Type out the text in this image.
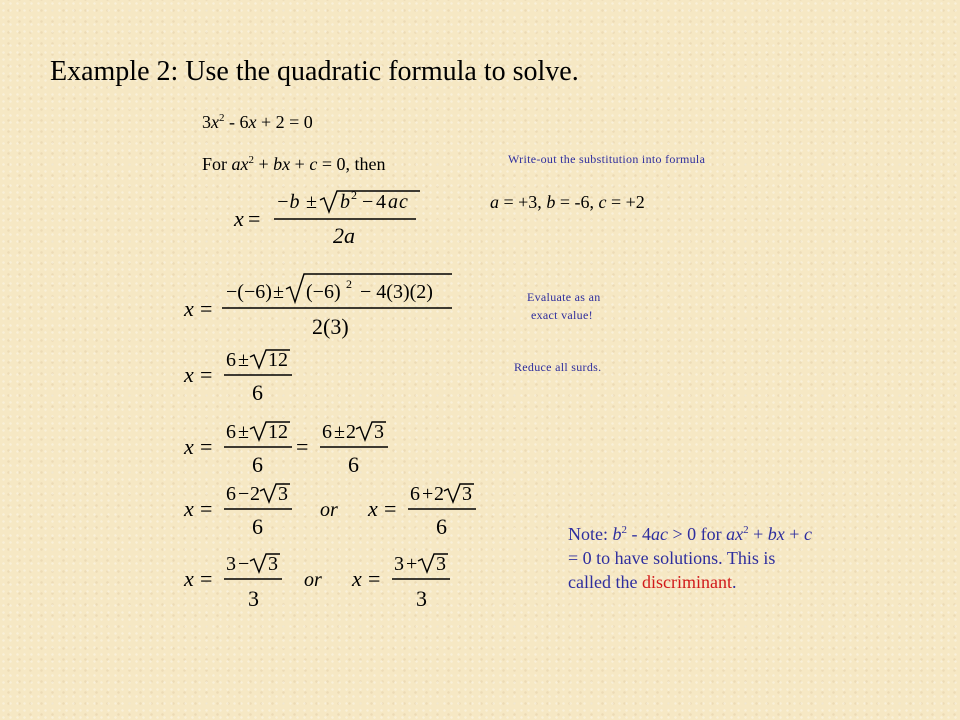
Example 2: Use the quadratic formula to solve.
$3x^2 - 6x + 2 = 0$
For $ax^2$ + bx + c = 0, then	Write-out the substitution into formula
a = +3, b = -6, c = +2
x =
−b ± b 2 − 4 a c
2a
x =
−(−6) ± (−6) 2 − 4(3)(2)
2(3)
Evaluate as an
exact value!
x =
6 ± 12
6
Reduce all surds.
x =
6 ± 12
6
=
6 ± 2 3
6
x =
6 − 2 3
6
or x =
6 + 2 3
6
x =
3 − 3
3
or x =
3 + 3
3
Note: $b^2 - 4ac > 0$ for $ax^2$ + bx + c = 0 to have solutions. This is called the discriminant.
